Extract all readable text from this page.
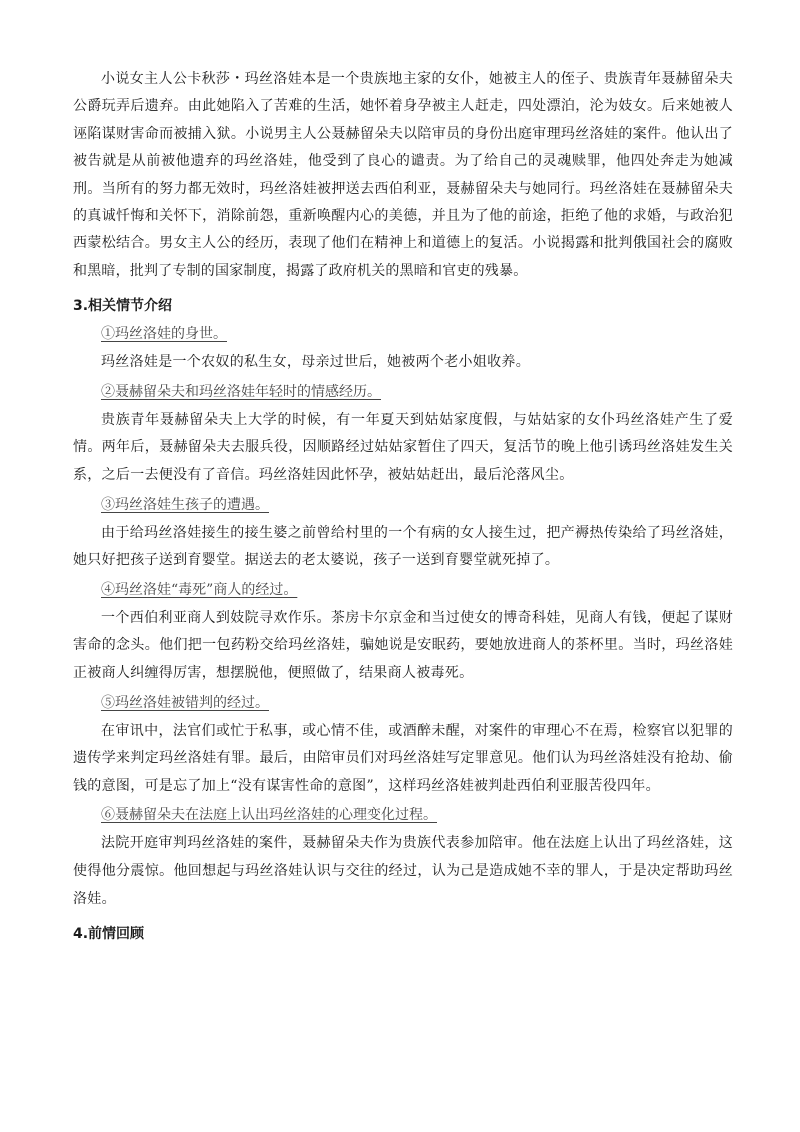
小说女主人公卡秋莎・玛丝洛娃本是一个贵族地主家的女仆，她被主人的侄子、贵族青年聂赫留朵夫公爵玩弄后遗弃。由此她陷入了苦难的生活，她怀着身孕被主人赶走，四处漂泊，沦为妓女。后来她被人诬陷谋财害命而被捕入狱。小说男主人公聂赫留朵夫以陪审员的身份出庭审理玛丝洛娃的案件。他认出了被告就是从前被他遗弃的玛丝洛娃，他受到了良心的谴责。为了给自己的灵魂赎罪，他四处奔走为她减刑。当所有的努力都无效时，玛丝洛娃被押送去西伯利亚，聂赫留朵夫与她同行。玛丝洛娃在聂赫留朵夫的真诚忏悔和关怀下，消除前怨，重新唤醒内心的美德，并且为了他的前途，拒绝了他的求婚，与政治犯西蒙松结合。男女主人公的经历，表现了他们在精神上和道德上的复活。小说揭露和批判俄国社会的腐败和黑暗，批判了专制的国家制度，揭露了政府机关的黑暗和官吏的残暴。

3.相关情节介绍
①玛丝洛娃的身世。

玛丝洛娃是一个农奴的私生女，母亲过世后，她被两个老小姐收养。

②聂赫留朵夫和玛丝洛娃年轻时的情感经历。

贵族青年聂赫留朵夫上大学的时候，有一年夏天到姑姑家度假，与姑姑家的女仆玛丝洛娃产生了爱情。两年后，聂赫留朵夫去服兵役，因顺路经过姑姑家暂住了四天，复活节的晚上他引诱玛丝洛娃发生关系，之后一去便没有了音信。玛丝洛娃因此怀孕，被姑姑赶出，最后沦落风尘。

③玛丝洛娃生孩子的遭遇。

由于给玛丝洛娃接生的接生婆之前曾给村里的一个有病的女人接生过，把产褥热传染给了玛丝洛娃，她只好把孩子送到育婴堂。据送去的老太婆说，孩子一送到育婴堂就死掉了。

④玛丝洛娃“毒死”商人的经过。

一个西伯利亚商人到妓院寻欢作乐。茶房卡尔京金和当过使女的博奇科娃，见商人有钱，便起了谋财害命的念头。他们把一包药粉交给玛丝洛娃，骗她说是安眠药，要她放进商人的茶杯里。当时，玛丝洛娃正被商人纠缠得厉害，想摆脱他，便照做了，结果商人被毒死。

⑤玛丝洛娃被错判的经过。

在审讯中，法官们或忙于私事，或心情不佳，或酒醉未醒，对案件的审理心不在焉，检察官以犯罪的遗传学来判定玛丝洛娃有罪。最后，由陪审员们对玛丝洛娃写定罪意见。他们认为玛丝洛娃没有抢劫、偷钱的意图，可是忘了加上“没有谋害性命的意图”，这样玛丝洛娃被判赴西伯利亚服苦役四年。

⑥聂赫留朵夫在法庭上认出玛丝洛娃的心理变化过程。

法院开庭审判玛丝洛娃的案件，聂赫留朵夫作为贵族代表参加陪审。他在法庭上认出了玛丝洛娃，这使得他分震惊。他回想起与玛丝洛娃认识与交往的经过，认为己是造成她不幸的罪人，于是决定帮助玛丝洛娃。

4.前情回顾
